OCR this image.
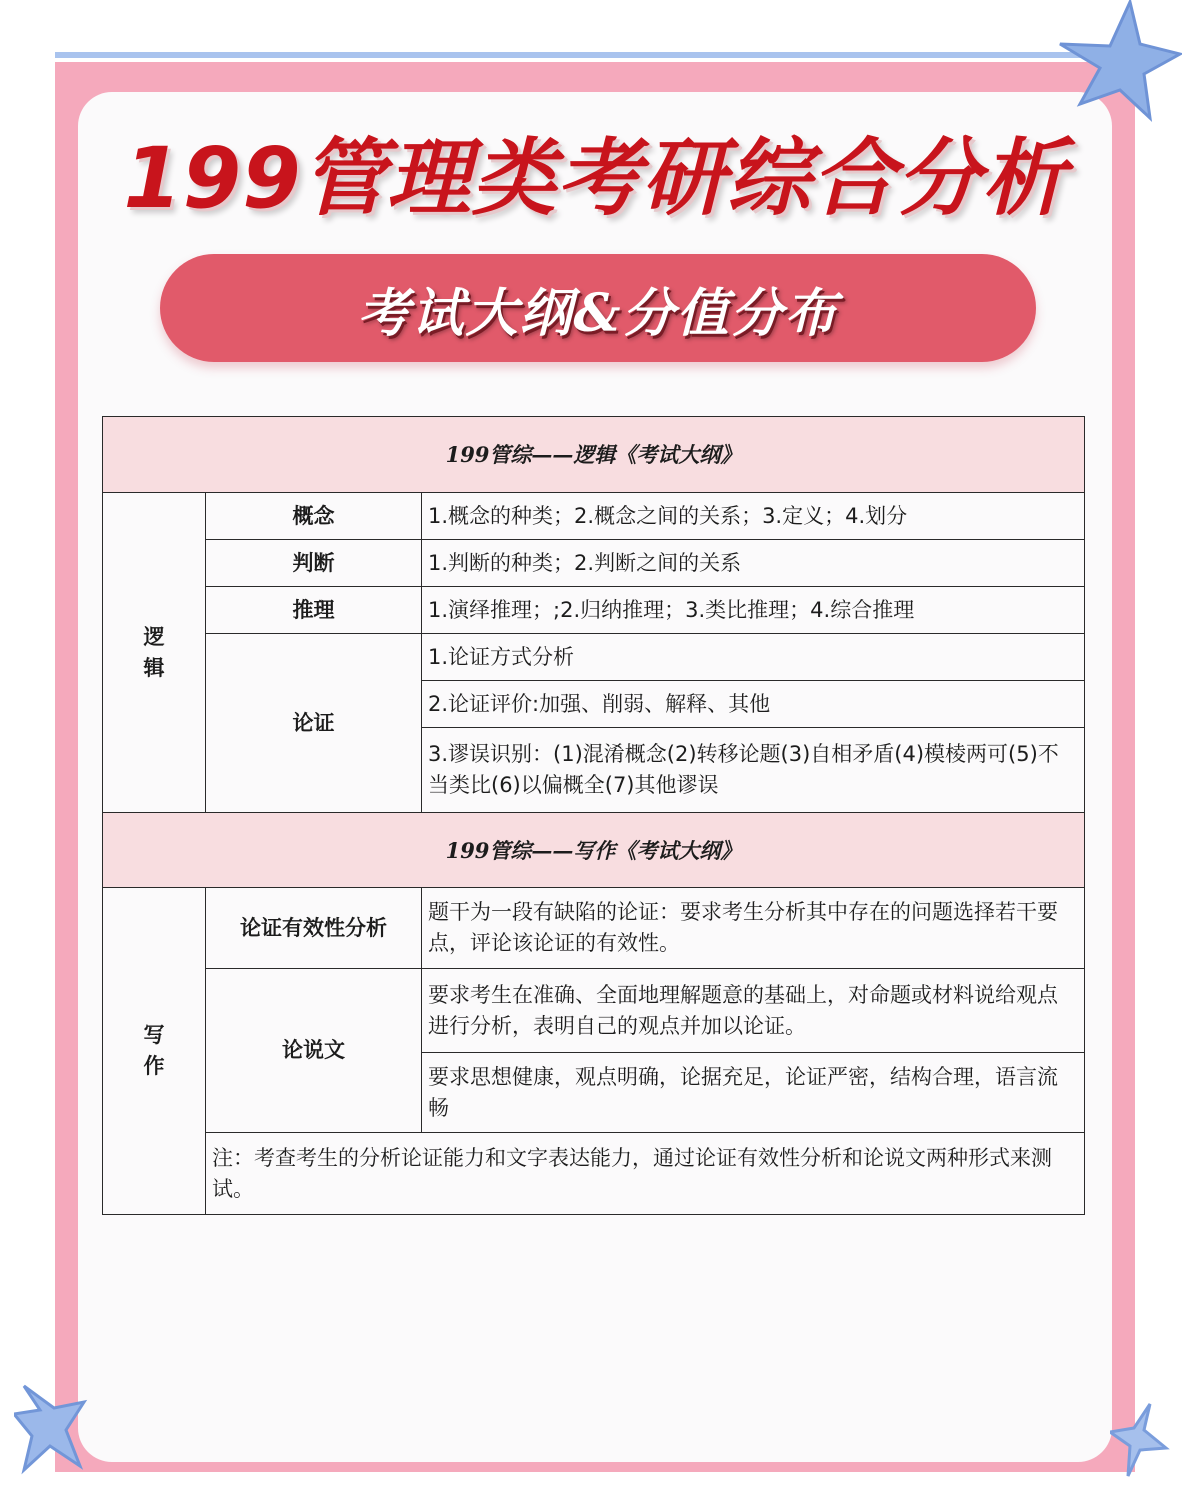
199管理类考研综合分析
考试大纲&分值分布
199管综——逻辑《考试大纲》		
逻辑	概念	1.概念的种类；2.概念之间的关系；3.定义；4.划分
	判断	1.判断的种类；2.判断之间的关系
	推理	1.演绎推理；;2.归纳推理；3.类比推理；4.综合推理
	论证	1.论证方式分析
		2.论证评价:加强、削弱、解释、其他
		3.谬误识别：(1)混淆概念(2)转移论题(3)自相矛盾(4)模棱两可(5)不当类比(6)以偏概全(7)其他谬误
199管综——写作《考试大纲》		
写作	论证有效性分析	题干为一段有缺陷的论证：要求考生分析其中存在的问题选择若干要点，评论该论证的有效性。
	论说文	要求考生在准确、全面地理解题意的基础上，对命题或材料说给观点进行分析，表明自己的观点并加以论证。
		要求思想健康，观点明确，论据充足，论证严密，结构合理，语言流畅
	注：考查考生的分析论证能力和文字表达能力，通过论证有效性分析和论说文两种形式来测试。	
